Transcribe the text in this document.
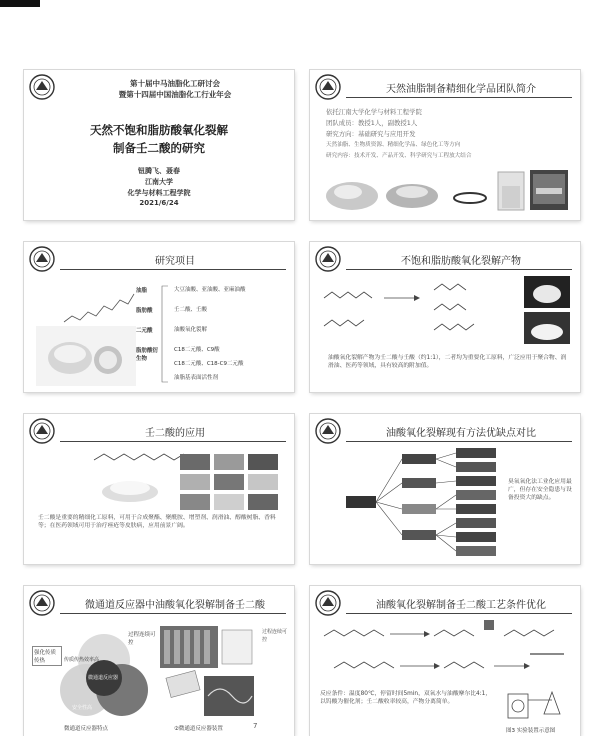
第十届中马油脂化工研讨会
暨第十四届中国油脂化工行业年会
天然不饱和脂肪酸氧化裂解
制备壬二酸的研究
钮腾飞、聂春
江南大学
化学与材料工程学院
2021/6/24
天然油脂制备精细化学品团队简介
依托江南大学化学与材料工程学院
团队成员：教授1人，副教授1人
研究方向：基础研究与应用开发
天然油脂、生物质资源、精细化学品、绿色化工等方向
研究内容：技术开发、产品开发、科学研究与工程放大结合
研究项目
油脂
脂肪酸
二元酸
脂肪酸衍生物
大豆油酸、亚油酸、亚麻油酸
壬二酸、壬酸
油酸氧化裂解
C18二元酸、C9酸
C18二元酸、C18-C9二元酸
油脂基表面活性剂
不饱和脂肪酸氧化裂解产物
油酸氧化裂解产物为壬二酸与壬酸（约1:1），二者均为重要化工原料，广泛应用于聚合物、润滑油、医药等领域，具有较高的附加值。
壬二酸的应用
壬二酸是重要的精细化工原料，可用于合成聚酯、聚酰胺、增塑剂、润滑油、醇酸树脂、香料等；在医药领域可用于治疗痤疮等皮肤病，应用前景广阔。
油酸氧化裂解现有方法优缺点对比
臭氧氧化法工业化应用最广，但存在安全隐患与设备投资大的缺点。
微通道反应器中油酸氧化裂解制备壬二酸
微通道反应器
传质传热效率高
安全性高
强化传质传热
过程连续可控
过程连续可控
微通道反应器特点	②微通道反应器装置
油酸氧化裂解制备壬二酸工艺条件优化
反应条件：温度80℃，停留时间5min，双氧水与油酸摩尔比4:1，以钨酸为催化剂；壬二酸收率较高，产物分离简单。
图3 实验装置示意图
7
